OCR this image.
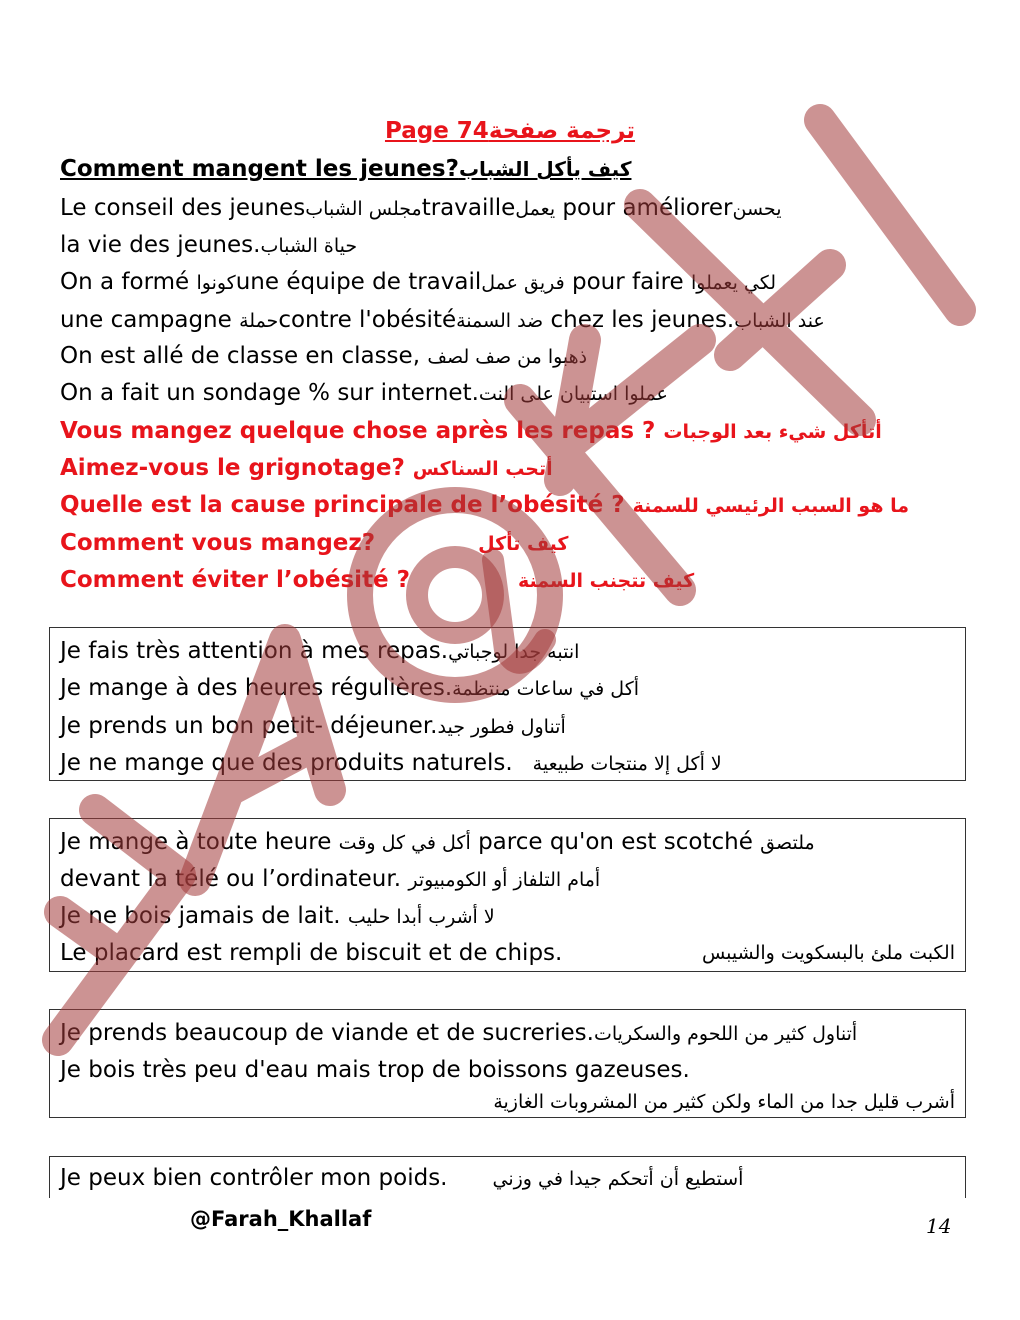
Page 74ترجمة صفحة
Comment mangent les jeunes?كيف يأكل الشباب
Le conseil des jeunesمجلس الشبابtravailleيعمل pour améliorerيحسن
la vie des jeunes.حياة الشباب
On a formé كونواune équipe de travailفريق عمل pour faire لكي يعملوا
une campagne حملةcontre l'obésitéضد السمنة chez les jeunes.عند الشباب
On est allé de classe en classe, ذهبوا من صف لصف
On a fait un sondage % sur internet.عملوا استبيان على النت
Vous mangez quelque chose après les repas ? أتأكل شيء بعد الوجبات
Aimez-vous le grignotage? أتحب السناكس
Quelle est la cause principale de l’obésité ? ما هو السبب الرئيسي للسمنة
Comment vous mangez?	كيف تأكل
Comment éviter l’obésité ?	كيف تتجنب السمنة
Je fais très attention à mes repas.انتبه جدا لوجباتي
Je mange à des heures régulières.أكل في ساعات منتظمة
Je prends un bon petit- déjeuner.أتناول فطور جيد
Je ne mange que des produits naturels. لا أكل إلا منتجات طبيعية
Je mange à toute heure أكل في كل وقت parce qu'on est scotché ملتصق
devant la télé ou l’ordinateur. أمام التلفاز أو الكومبيوتر
Je ne bois jamais de lait. لا أشرب أبدا حليب
Le placard est rempli de biscuit et de chips.	الكبت ملئ بالبسكويت والشيبس
Je prends beaucoup de viande et de sucreries.أتناول كثير من اللحوم والسكريات
Je bois très peu d'eau mais trop de boissons gazeuses.
أشرب قليل جدا من الماء ولكن كثير من المشروبات الغازية
Je peux bien contrôler mon poids. أستطيع أن أتحكم جيدا في وزني
@Farah_Khallaf	14
